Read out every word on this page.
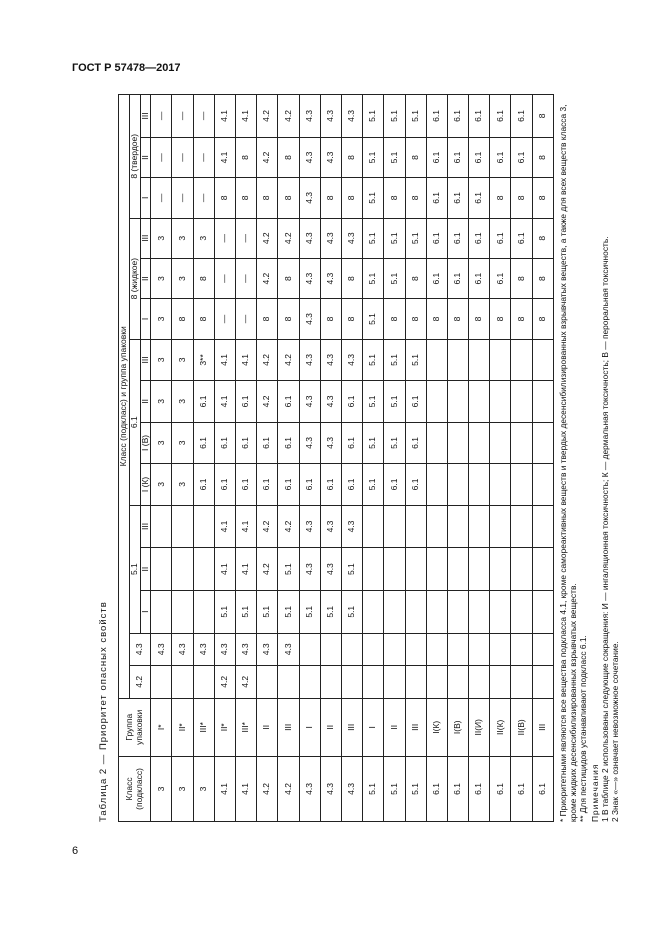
ГОСТ Р 57478—2017
Таблица 2 — Приоритет опасных свойств Класс (подкласс)	Группа упаковки	Класс (подкласс) и группа упаковки														
		4.2	4.3	5.1			6.1				8 (жидкое)			8 (твердое)		
				I	II	III	I (К)	I (В)	II	III	I	II	III	I	II	III
3	I*		4.3				3	3	3	3	3	3	3	—	—	—
3	II*		4.3				3	3	3	3	8	3	3	—	—	—
3	III*		4.3				6.1	6.1	6.1	3**	8	8	3	—	—	—
4.1	II*	4.2	4.3	5.1	4.1	4.1	6.1	6.1	4.1	4.1	—	—	—	8	4.1	4.1
4.1	III*	4.2	4.3	5.1	4.1	4.1	6.1	6.1	6.1	4.1	—	—	—	8	8	4.1
4.2	II		4.3	5.1	4.2	4.2	6.1	6.1	4.2	4.2	8	4.2	4.2	8	4.2	4.2
4.2	III		4.3	5.1	5.1	4.2	6.1	6.1	6.1	4.2	8	8	4.2	8	8	4.2
4.3	I			5.1	4.3	4.3	6.1	4.3	4.3	4.3	4.3	4.3	4.3	4.3	4.3	4.3
4.3	II			5.1	4.3	4.3	6.1	4.3	4.3	4.3	8	4.3	4.3	8	4.3	4.3
4.3	III			5.1	5.1	4.3	6.1	6.1	6.1	4.3	8	8	4.3	8	8	4.3
5.1	I						5.1	5.1	5.1	5.1	5.1	5.1	5.1	5.1	5.1	5.1
5.1	II						6.1	5.1	5.1	5.1	8	5.1	5.1	8	5.1	5.1
5.1	III						6.1	6.1	6.1	5.1	8	8	5.1	8	8	5.1
6.1	I(К)										8	6.1	6.1	6.1	6.1	6.1
6.1	I(В)										8	6.1	6.1	6.1	6.1	6.1
6.1	II(И)										8	6.1	6.1	6.1	6.1	6.1
6.1	II(К)										8	6.1	6.1	8	6.1	6.1
6.1	II(В)										8	8	6.1	8	6.1	6.1
6.1	III										8	8	8	8	8	8 * Приоритетными являются все вещества подкласса 4.1, кроме самореактивных веществ и твердых десенсибилизированных взрывчатых веществ, а также для всех веществ класса 3, кроме жидких десенсибилизированных взрывчатых веществ. ** Для пестицидов устанавливают подкласс 6.1. Примечания 1 В таблице 2 использованы следующие сокращения: И — ингаляционная токсичность; К — дермальная токсичность; В — пероральная токсичность. 2 Знак «—» означает невозможное сочетание.

6
